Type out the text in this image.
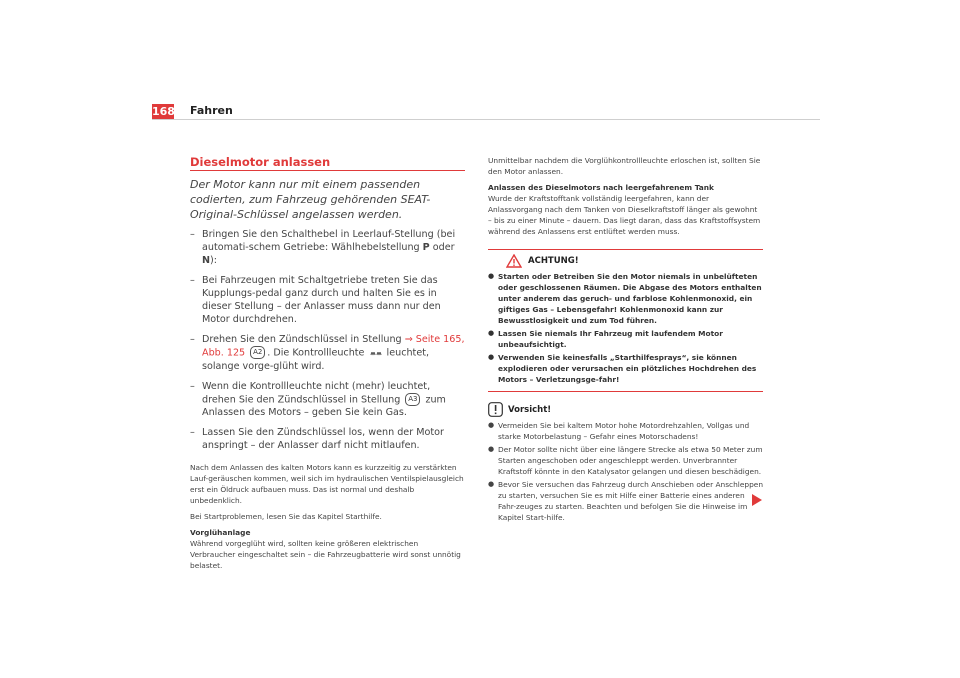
168 Fahren
Dieselmotor anlassen

Der Motor kann nur mit einem passenden codierten, zum Fahrzeug gehörenden SEAT-Original-Schlüssel angelassen werden.

– Bringen Sie den Schalthebel in Leerlauf-Stellung (bei automati-schem Getriebe: Wählhebelstellung P oder N):
– Bei Fahrzeugen mit Schaltgetriebe treten Sie das Kupplungs-pedal ganz durch und halten Sie es in dieser Stellung – der Anlasser muss dann nur den Motor durchdrehen.
– Drehen Sie den Zündschlüssel in Stellung ⇒ Seite 165, Abb. 125 A2 . Die Kontrollleuchte  leuchtet, solange vorge-glüht wird.
– Wenn die Kontrollleuchte nicht (mehr) leuchtet, drehen Sie den Zündschlüssel in Stellung A3 zum Anlassen des Motors – geben Sie kein Gas.
– Lassen Sie den Zündschlüssel los, wenn der Motor anspringt – der Anlasser darf nicht mitlaufen.

Nach dem Anlassen des kalten Motors kann es kurzzeitig zu verstärkten Lauf-geräuschen kommen, weil sich im hydraulischen Ventilspielausgleich erst ein Öldruck aufbauen muss. Das ist normal und deshalb unbedenklich.

Bei Startproblemen, lesen Sie das Kapitel Starthilfe.

Vorglühanlage

Während vorgeglüht wird, sollten keine größeren elektrischen Verbraucher eingeschaltet sein – die Fahrzeugbatterie wird sonst unnötig belastet.

Unmittelbar nachdem die Vorglühkontrollleuchte erloschen ist, sollten Sie den Motor anlassen.

Anlassen des Dieselmotors nach leergefahrenem Tank

Wurde der Kraftstofftank vollständig leergefahren, kann der Anlassvorgang nach dem Tanken von Dieselkraftstoff länger als gewohnt – bis zu einer Minute – dauern. Das liegt daran, dass das Kraftstoffsystem während des Anlassens erst entlüftet werden muss.

ACHTUNG!
● Starten oder Betreiben Sie den Motor niemals in unbelüfteten oder geschlossenen Räumen. Die Abgase des Motors enthalten unter anderem das geruch- und farblose Kohlenmonoxid, ein giftiges Gas – Lebensgefahr! Kohlenmonoxid kann zur Bewusstlosigkeit und zum Tod führen.
● Lassen Sie niemals Ihr Fahrzeug mit laufendem Motor unbeaufsichtigt.
● Verwenden Sie keinesfalls „Starthilfesprays“, sie können explodieren oder verursachen ein plötzliches Hochdrehen des Motors – Verletzungsge-fahr!
Vorsicht!
● Vermeiden Sie bei kaltem Motor hohe Motordrehzahlen, Vollgas und starke Motorbelastung – Gefahr eines Motorschadens!
● Der Motor sollte nicht über eine längere Strecke als etwa 50 Meter zum Starten angeschoben oder angeschleppt werden. Unverbrannter Kraftstoff könnte in den Katalysator gelangen und diesen beschädigen.
● Bevor Sie versuchen das Fahrzeug durch Anschieben oder Anschleppen zu starten, versuchen Sie es mit Hilfe einer Batterie eines anderen Fahr-zeuges zu starten. Beachten und befolgen Sie die Hinweise im Kapitel Start-hilfe.
